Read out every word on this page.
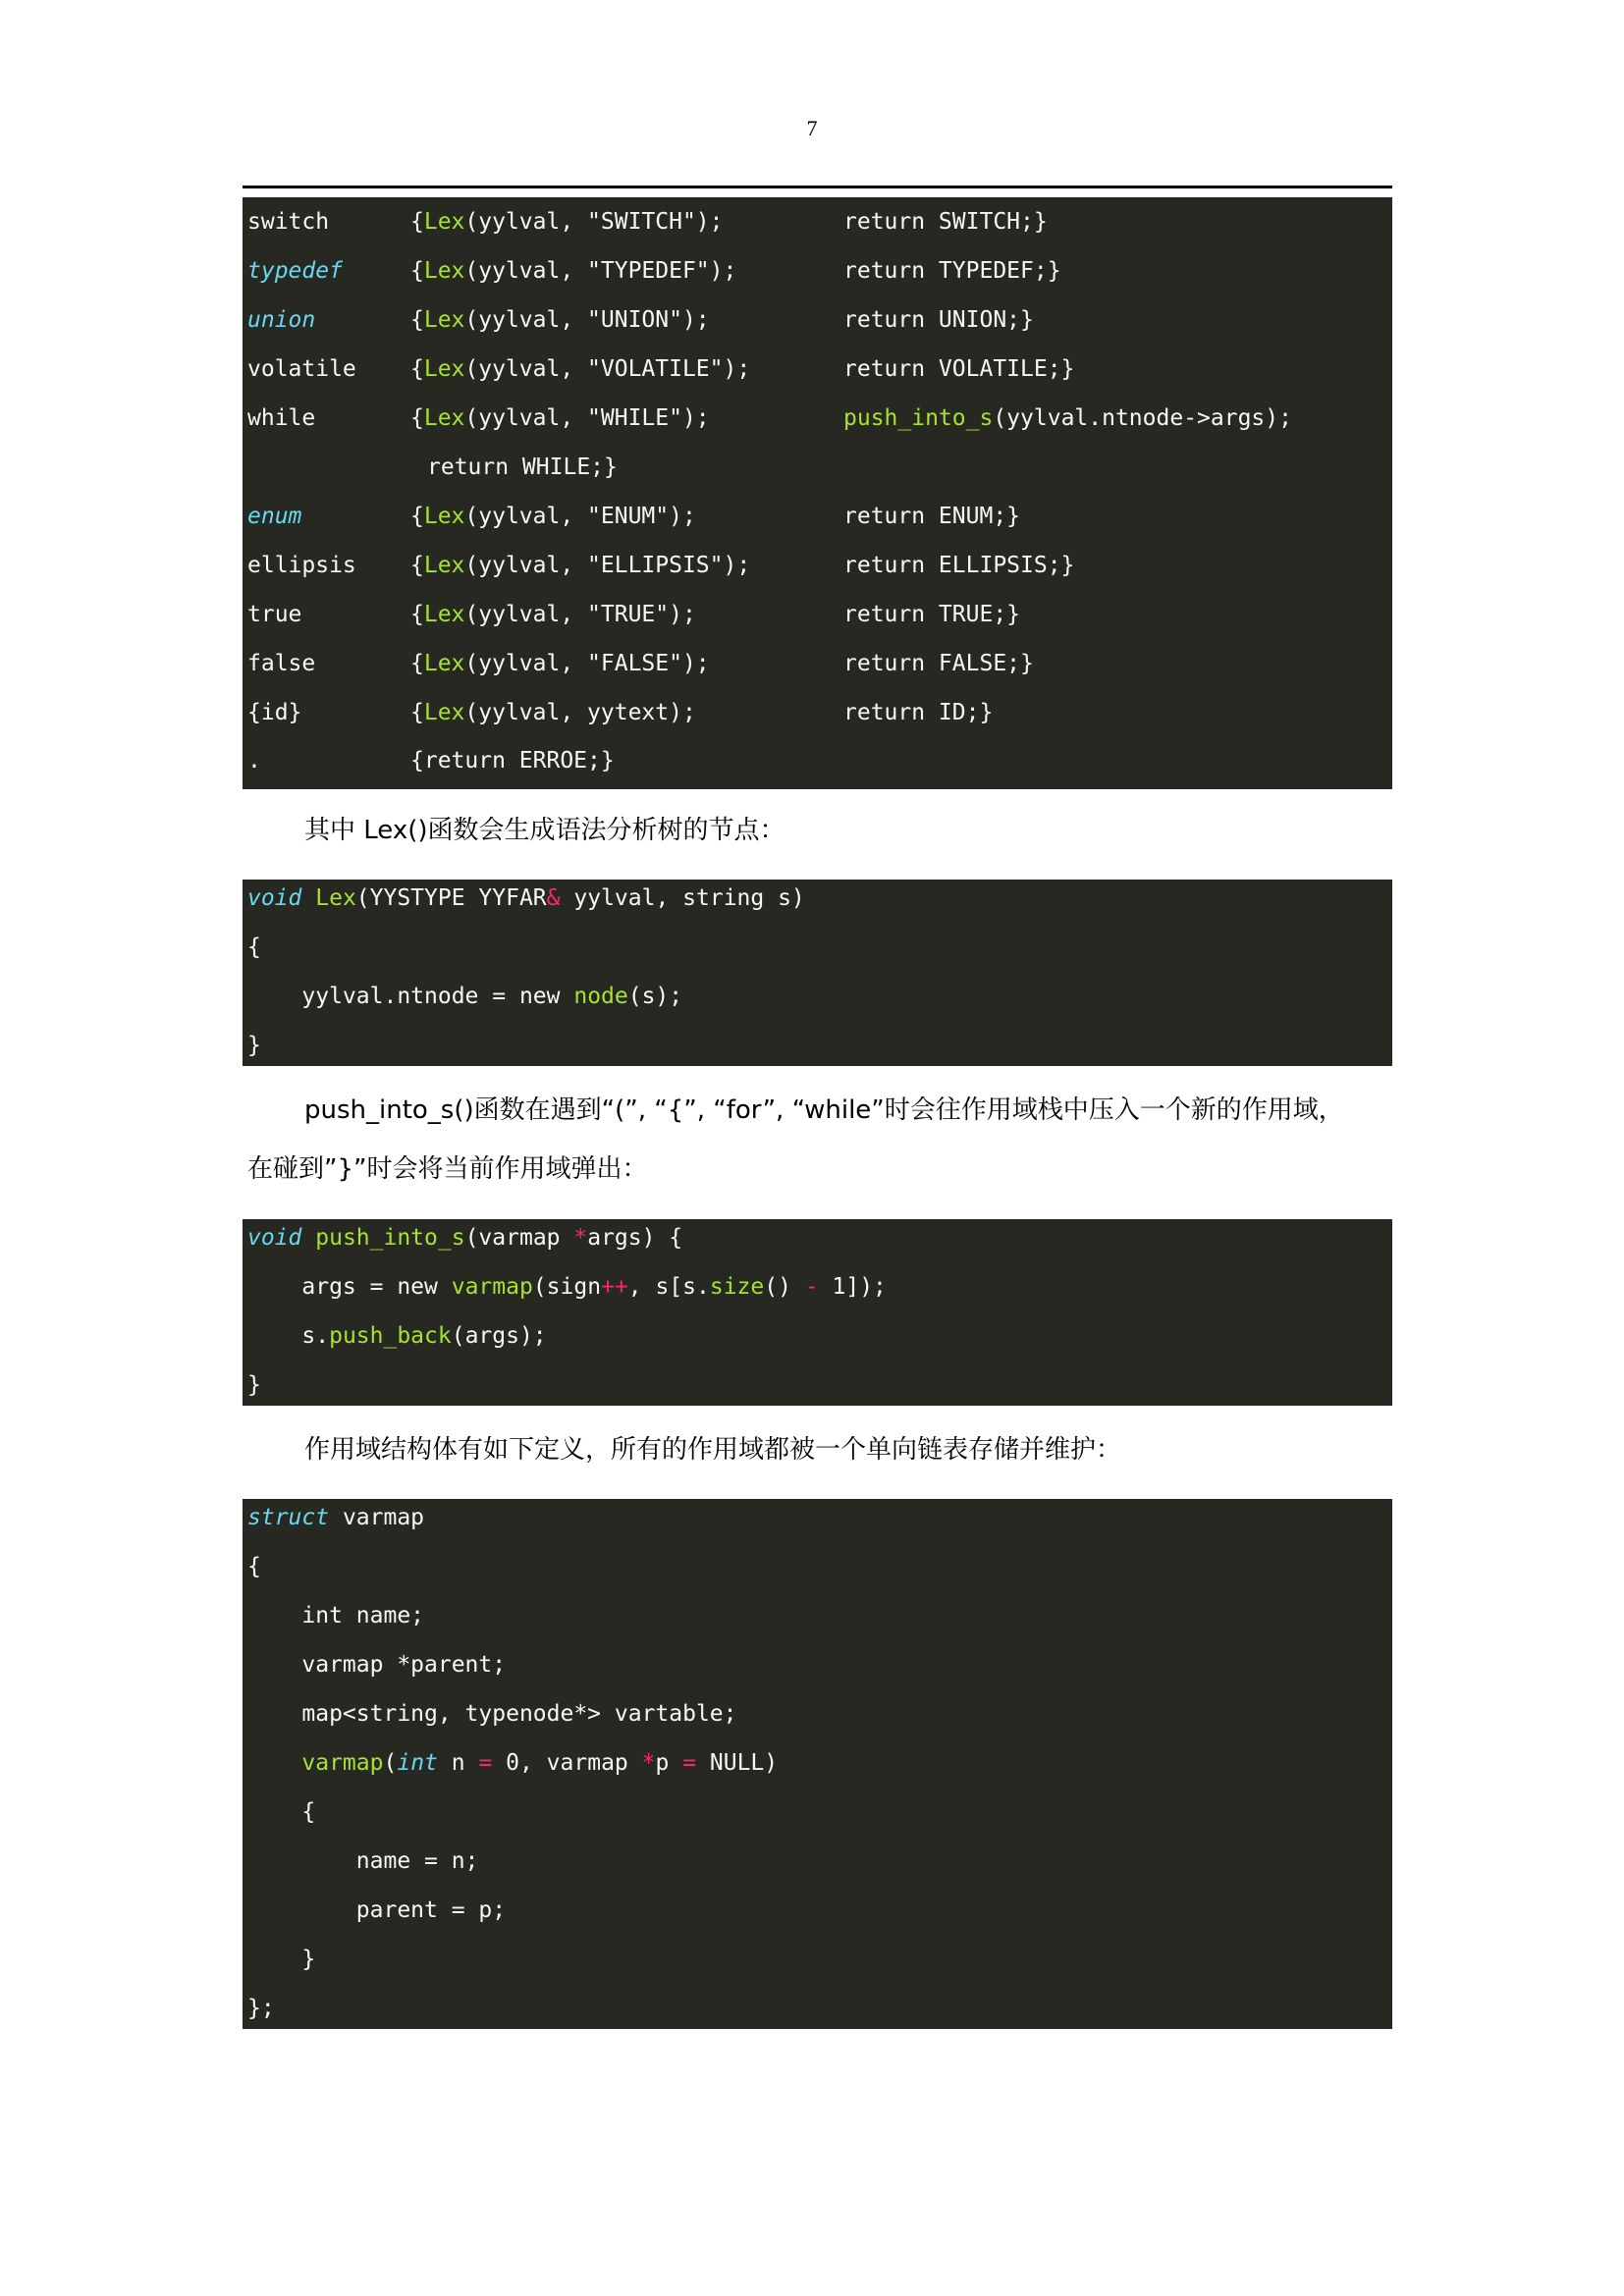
7
switch	{Lex(yylval, "SWITCH");	return SWITCH;}
typedef	{Lex(yylval, "TYPEDEF");	return TYPEDEF;}
union	{Lex(yylval, "UNION");	return UNION;}
volatile {Lex(yylval, "VOLATILE");	return VOLATILE;}
while	{Lex(yylval, "WHILE");	push_into_s(yylval.ntnode->args);
return WHILE;}
enum	{Lex(yylval, "ENUM");	return ENUM;}
ellipsis {Lex(yylval, "ELLIPSIS");	return ELLIPSIS;}
true	{Lex(yylval, "TRUE");	return TRUE;}
false	{Lex(yylval, "FALSE");	return FALSE;}
{id}	{Lex(yylval, yytext);	return ID;}
.	{return ERROE;}
其中 Lex()函数会生成语法分析树的节点：
void Lex(YYSTYPE YYFAR& yylval, string s)
{
yylval.ntnode = new node(s);
}
push_into_s()函数在遇到“(”, “{”, “for”, “while”时会往作用域栈中压入一个新的作用域，
在碰到”}”时会将当前作用域弹出：
void push_into_s(varmap *args) {
args = new varmap(sign++, s[s.size() - 1]);
s.push_back(args);
}
作用域结构体有如下定义，所有的作用域都被一个单向链表存储并维护：
struct varmap
{
int name;
varmap *parent;
map<string, typenode*> vartable;
varmap(int n = 0, varmap *p = NULL)
{
name = n;
parent = p;
}
};
